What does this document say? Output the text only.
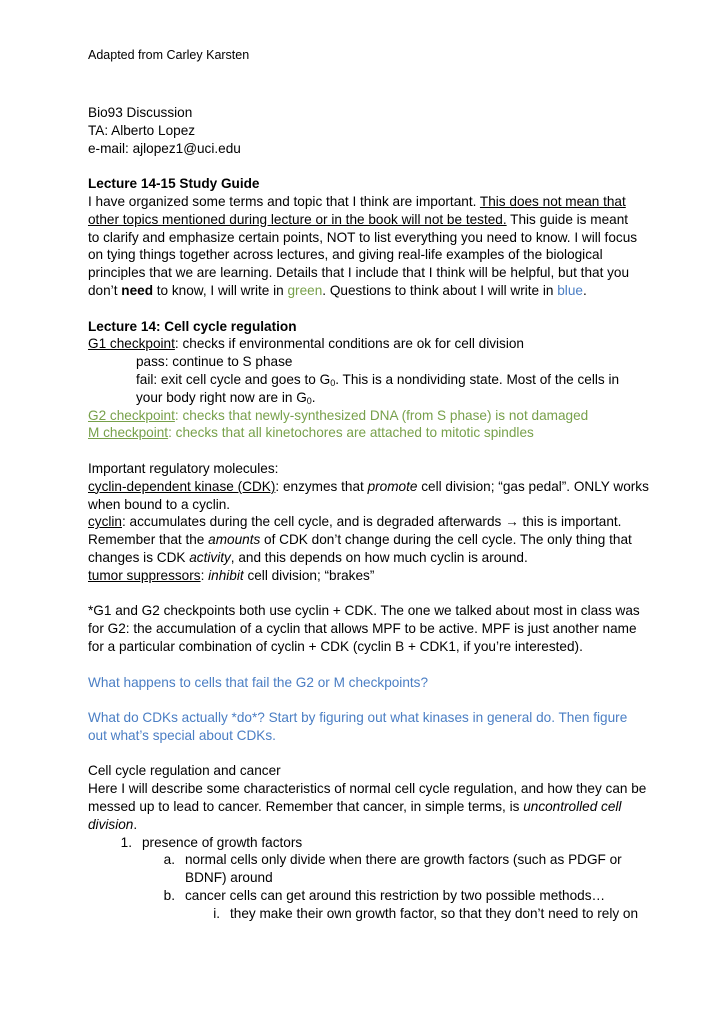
Adapted from Carley Karsten
Bio93 Discussion
TA: Alberto Lopez
e-mail: ajlopez1@uci.edu
Lecture 14-15 Study Guide
I have organized some terms and topic that I think are important. This does not mean that
other topics mentioned during lecture or in the book will not be tested. This guide is meant
to clarify and emphasize certain points, NOT to list everything you need to know. I will focus
on tying things together across lectures, and giving real-life examples of the biological
principles that we are learning. Details that I include that I think will be helpful, but that you
don’t need to know, I will write in green. Questions to think about I will write in blue.
Lecture 14: Cell cycle regulation
G1 checkpoint: checks if environmental conditions are ok for cell division
pass: continue to S phase
fail: exit cell cycle and goes to $G_0$. This is a nondividing state. Most of the cells in
your body right now are in $G_0$.
G2 checkpoint: checks that newly-synthesized DNA (from S phase) is not damaged
M checkpoint: checks that all kinetochores are attached to mitotic spindles
Important regulatory molecules:
cyclin-dependent kinase (CDK): enzymes that promote cell division; “gas pedal”. ONLY works
when bound to a cyclin.
cyclin: accumulates during the cell cycle, and is degraded afterwards → this is important.
Remember that the amounts of CDK don’t change during the cell cycle. The only thing that
changes is CDK activity, and this depends on how much cyclin is around.
tumor suppressors: inhibit cell division; “brakes”
*G1 and G2 checkpoints both use cyclin + CDK. The one we talked about most in class was
for G2: the accumulation of a cyclin that allows MPF to be active. MPF is just another name
for a particular combination of cyclin + CDK (cyclin B + CDK1, if you’re interested).
What happens to cells that fail the G2 or M checkpoints?
What do CDKs actually *do*? Start by figuring out what kinases in general do. Then figure
out what’s special about CDKs.
Cell cycle regulation and cancer
Here I will describe some characteristics of normal cell cycle regulation, and how they can be
messed up to lead to cancer. Remember that cancer, in simple terms, is uncontrolled cell
division.
1. presence of growth factors
a. normal cells only divide when there are growth factors (such as PDGF or
BDNF) around
b. cancer cells can get around this restriction by two possible methods…
i. they make their own growth factor, so that they don’t need to rely on
